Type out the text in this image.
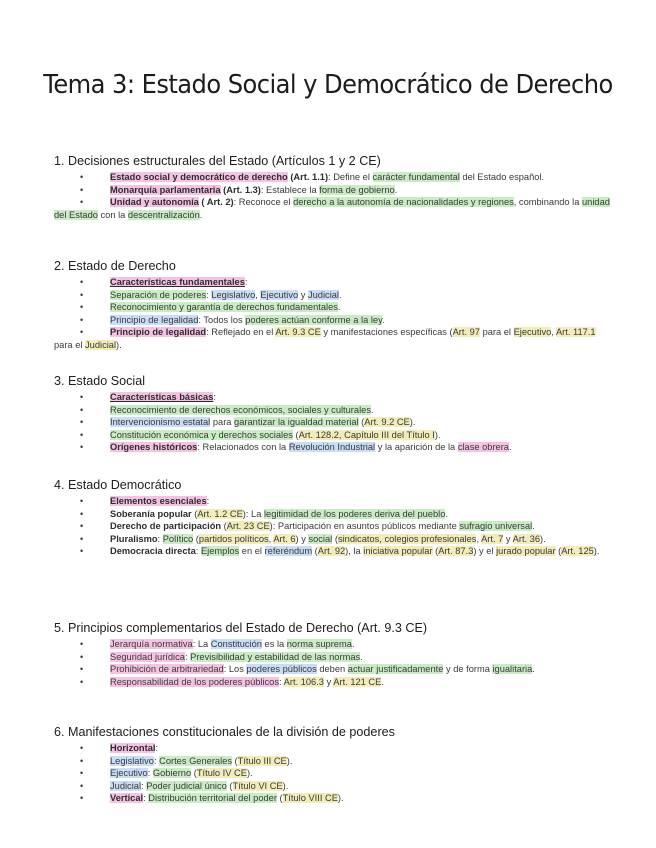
Tema 3: Estado Social y Democrático de Derecho
1. Decisiones estructurales del Estado (Artículos 1 y 2 CE)
• Estado social y democrático de derecho (Art. 1.1): Define el carácter fundamental del Estado español.
• Monarquía parlamentaria (Art. 1.3): Establece la forma de gobierno.
• Unidad y autonomía ( Art. 2): Reconoce el derecho a la autonomía de nacionalidades y regiones, combinando la unidad del Estado con la descentralización.
2. Estado de Derecho
• Características fundamentales:
• Separación de poderes: Legislativo, Ejecutivo y Judicial.
• Reconocimiento y garantía de derechos fundamentales.
• Principio de legalidad: Todos los poderes actúan conforme a la ley.
• Principio de legalidad: Reflejado en el Art. 9.3 CE y manifestaciones específicas (Art. 97 para el Ejecutivo, Art. 117.1 para el Judicial).
3. Estado Social
• Características básicas:
• Reconocimiento de derechos económicos, sociales y culturales.
• Intervencionismo estatal para garantizar la igualdad material (Art. 9.2 CE).
• Constitución económica y derechos sociales (Art. 128.2, Capítulo III del Título I).
• Orígenes históricos: Relacionados con la Revolución Industrial y la aparición de la clase obrera.
4. Estado Democrático
• Elementos esenciales:
• Soberanía popular (Art. 1.2 CE): La legitimidad de los poderes deriva del pueblo.
• Derecho de participación (Art. 23 CE): Participación en asuntos públicos mediante sufragio universal.
• Pluralismo: Político (partidos políticos, Art. 6) y social (sindicatos, colegios profesionales, Art. 7 y Art. 36).
• Democracia directa: Ejemplos en el referéndum (Art. 92), la iniciativa popular (Art. 87.3) y el jurado popular (Art. 125).
5. Principios complementarios del Estado de Derecho (Art. 9.3 CE)
• Jerarquía normativa: La Constitución es la norma suprema.
• Seguridad jurídica: Previsibilidad y estabilidad de las normas.
• Prohibición de arbitrariedad: Los poderes públicos deben actuar justificadamente y de forma igualitaria.
• Responsabilidad de los poderes públicos: Art. 106.3 y Art. 121 CE.
6. Manifestaciones constitucionales de la división de poderes
• Horizontal:
• Legislativo: Cortes Generales (Título III CE).
• Ejecutivo: Gobierno (Título IV CE).
• Judicial: Poder judicial único (Título VI CE).
• Vertical: Distribución territorial del poder (Título VIII CE).
